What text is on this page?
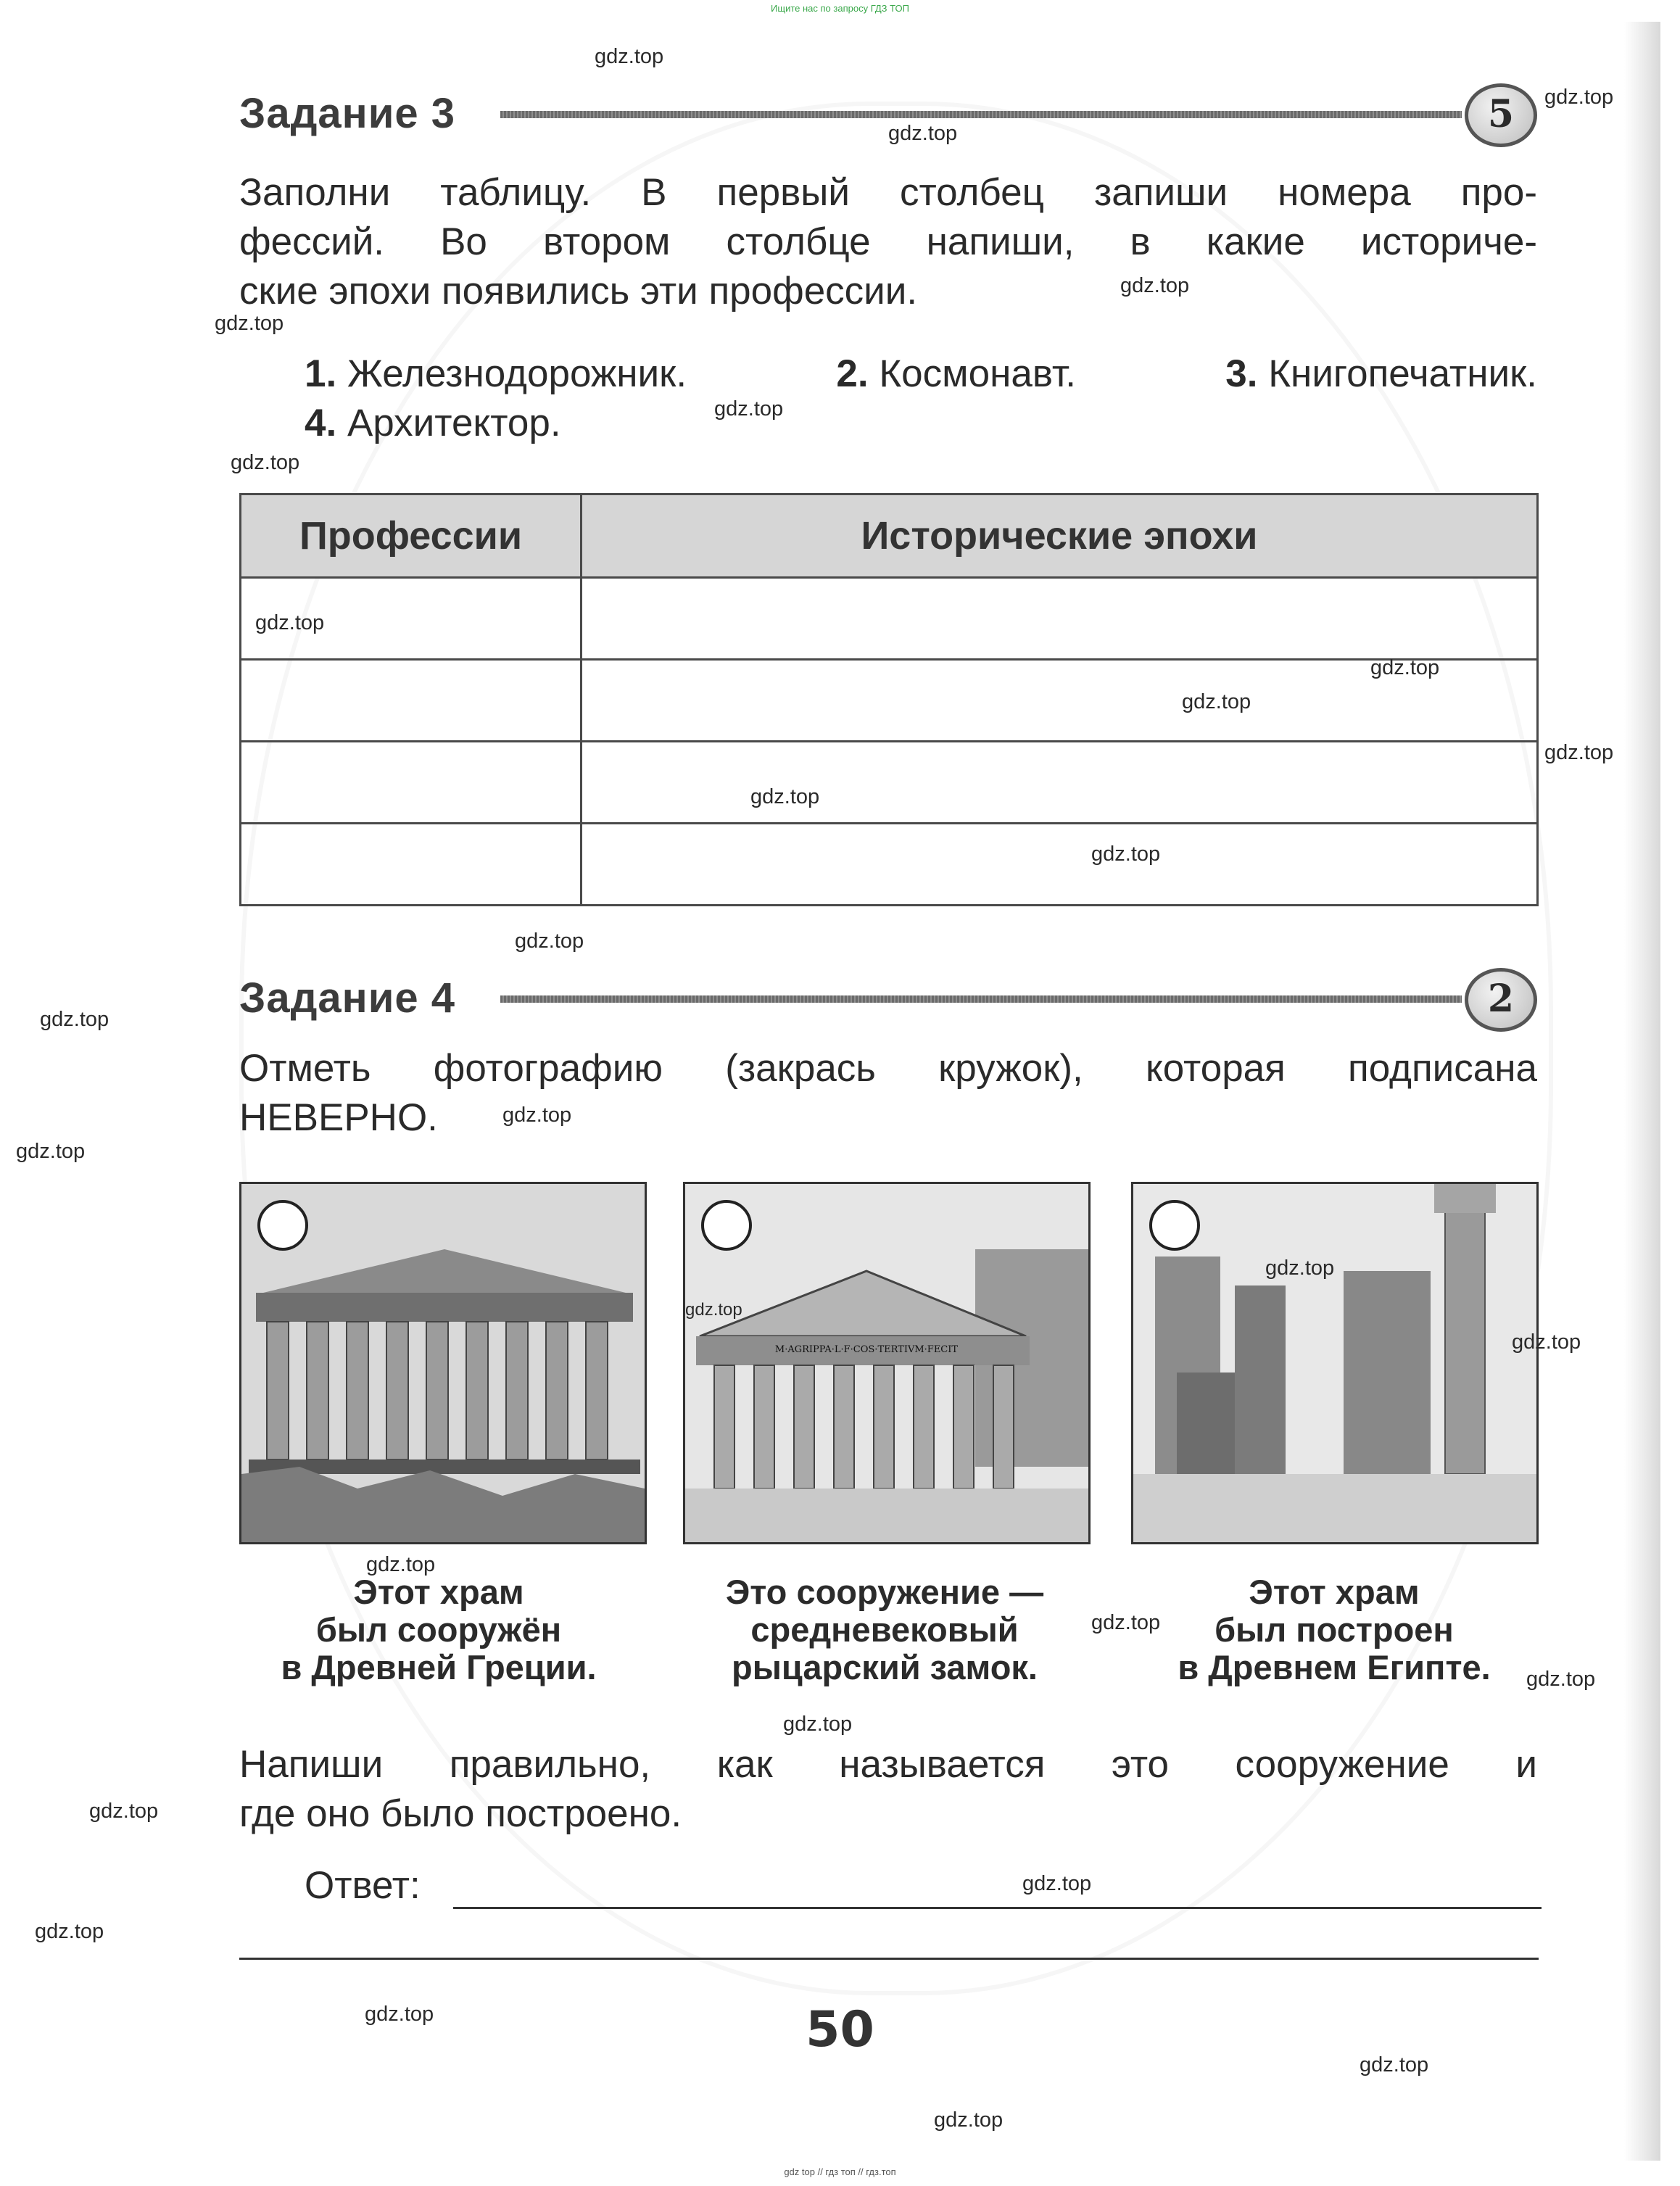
Ищите нас по запросу ГДЗ ТОП
Задание 3	5
Заполни таблицу. В первый столбец запиши номера про-
фессий. Во втором столбце напиши, в какие историче-
ские эпохи появились эти профессии.
1. Железнодорожник.	2. Космонавт.	3. Книгопечатник.
4. Архитектор.
Профессии	Исторические эпохи

Задание 4	2
Отметь фотографию (закрась кружок), которая подписана
НЕВЕРНО.
M·AGRIPPA·L·F·COS·TERTIVM·FECIT
Этот храм
был сооружён
в Древней Греции.
Это сооружение —
средневековый
рыцарский замок.
Этот храм
был построен
в Древнем Египте.
Напиши правильно, как называется это сооружение и
где оно было построено.
Ответ:
50
gdz top // гдз топ // гдз.топ
gdz.top
gdz.top
gdz.top
gdz.top
gdz.top
gdz.top
gdz.top
gdz.top
gdz.top
gdz.top
gdz.top
gdz.top
gdz.top
gdz.top
gdz.top
gdz.top
gdz.top
gdz.top
gdz.top
gdz.top
gdz.top
gdz.top
gdz.top
gdz.top
gdz.top
gdz.top
gdz.top
gdz.top
gdz.top
gdz.top
